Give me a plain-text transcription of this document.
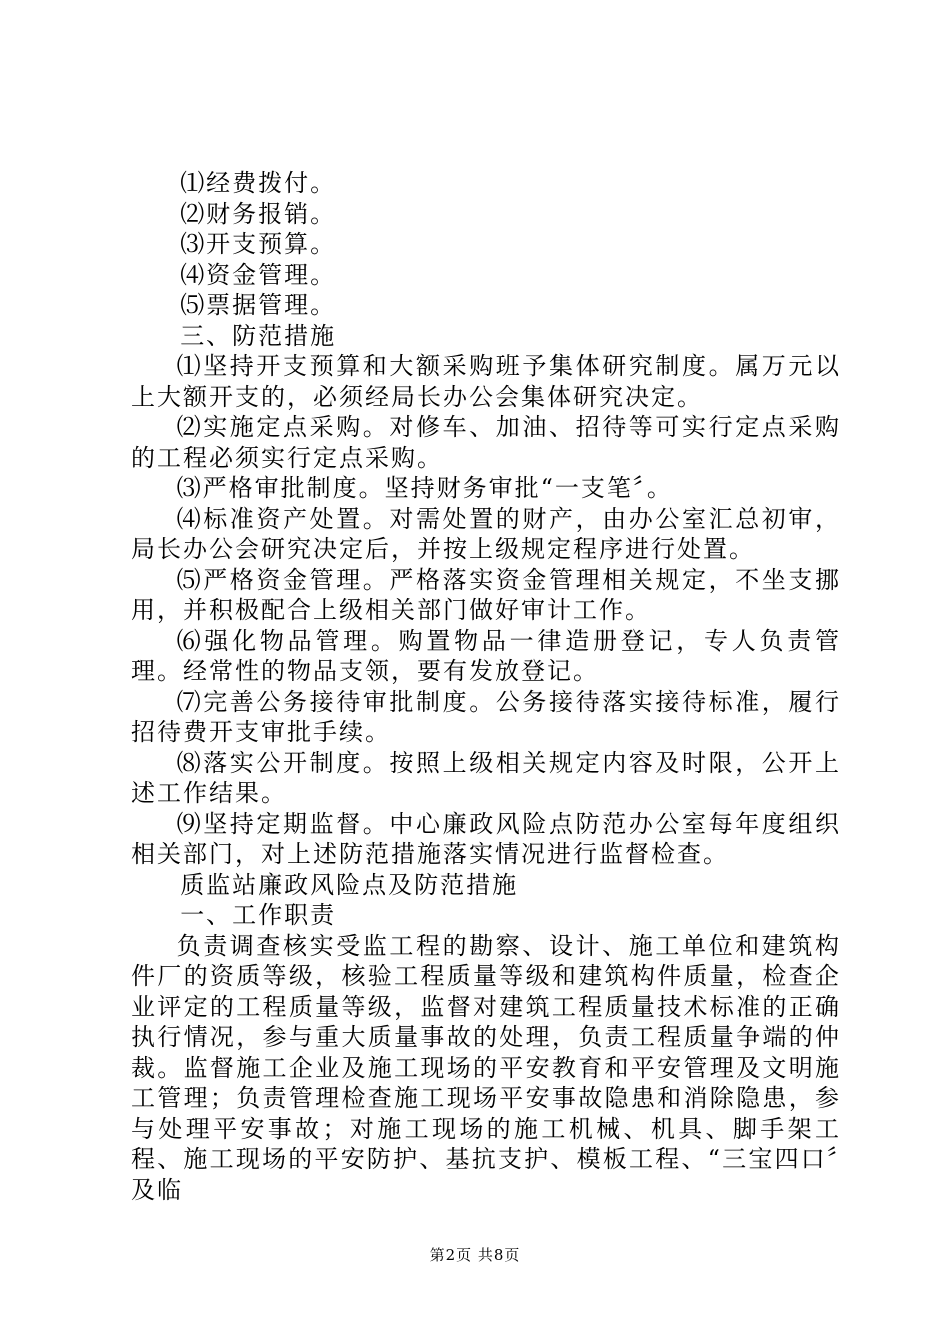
⑴经费拨付。

⑵财务报销。

⑶开支预算。

⑷资金管理。

⑸票据管理。

三、防范措施

⑴坚持开支预算和大额采购班予集体研究制度。属万元以上大额开支的，必须经局长办公会集体研究决定。

⑵实施定点采购。对修车、加油、招待等可实行定点采购的工程必须实行定点采购。

⑶严格审批制度。坚持财务审批“一支笔〞。

⑷标准资产处置。对需处置的财产，由办公室汇总初审，局长办公会研究决定后，并按上级规定程序进行处置。

⑸严格资金管理。严格落实资金管理相关规定，不坐支挪用，并积极配合上级相关部门做好审计工作。

⑹强化物品管理。购置物品一律造册登记，专人负责管理。经常性的物品支领，要有发放登记。

⑺完善公务接待审批制度。公务接待落实接待标准，履行招待费开支审批手续。

⑻落实公开制度。按照上级相关规定内容及时限，公开上述工作结果。

⑼坚持定期监督。中心廉政风险点防范办公室每年度组织相关部门，对上述防范措施落实情况进行监督检查。

质监站廉政风险点及防范措施

一、工作职责

负责调查核实受监工程的勘察、设计、施工单位和建筑构件厂的资质等级，核验工程质量等级和建筑构件质量，检查企业评定的工程质量等级，监督对建筑工程质量技术标准的正确执行情况，参与重大质量事故的处理，负责工程质量争端的仲裁。监督施工企业及施工现场的平安教育和平安管理及文明施工管理；负责管理检查施工现场平安事故隐患和消除隐患，参与处理平安事故；对施工现场的施工机械、机具、脚手架工程、施工现场的平安防护、基抗支护、模板工程、“三宝四口〞及临

第2页 共8页
